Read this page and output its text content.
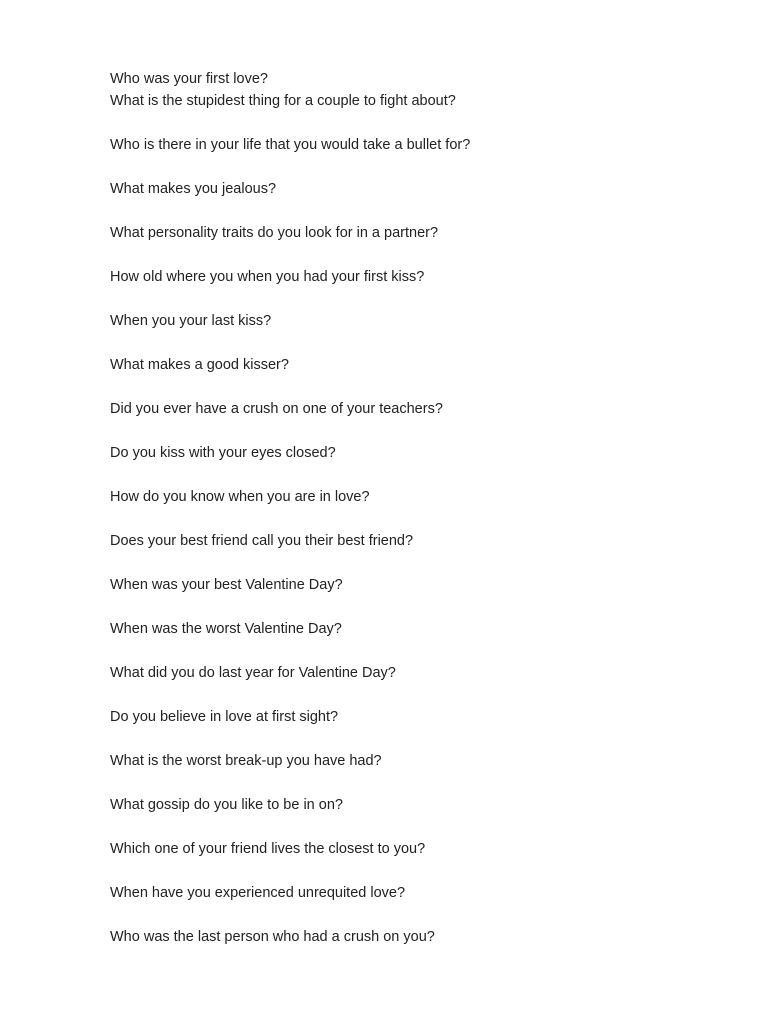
Who was your first love?
What is the stupidest thing for a couple to fight about?
Who is there in your life that you would take a bullet for?
What makes you jealous?
What personality traits do you look for in a partner?
How old where you when you had your first kiss?
When you your last kiss?
What makes a good kisser?
Did you ever have a crush on one of your teachers?
Do you kiss with your eyes closed?
How do you know when you are in love?
Does your best friend call you their best friend?
When was your best Valentine Day?
When was the worst Valentine Day?
What did you do last year for Valentine Day?
Do you believe in love at first sight?
What is the worst break-up you have had?
What gossip do you like to be in on?
Which one of your friend lives the closest to you?
When have you experienced unrequited love?
Who was the last person who had a crush on you?
